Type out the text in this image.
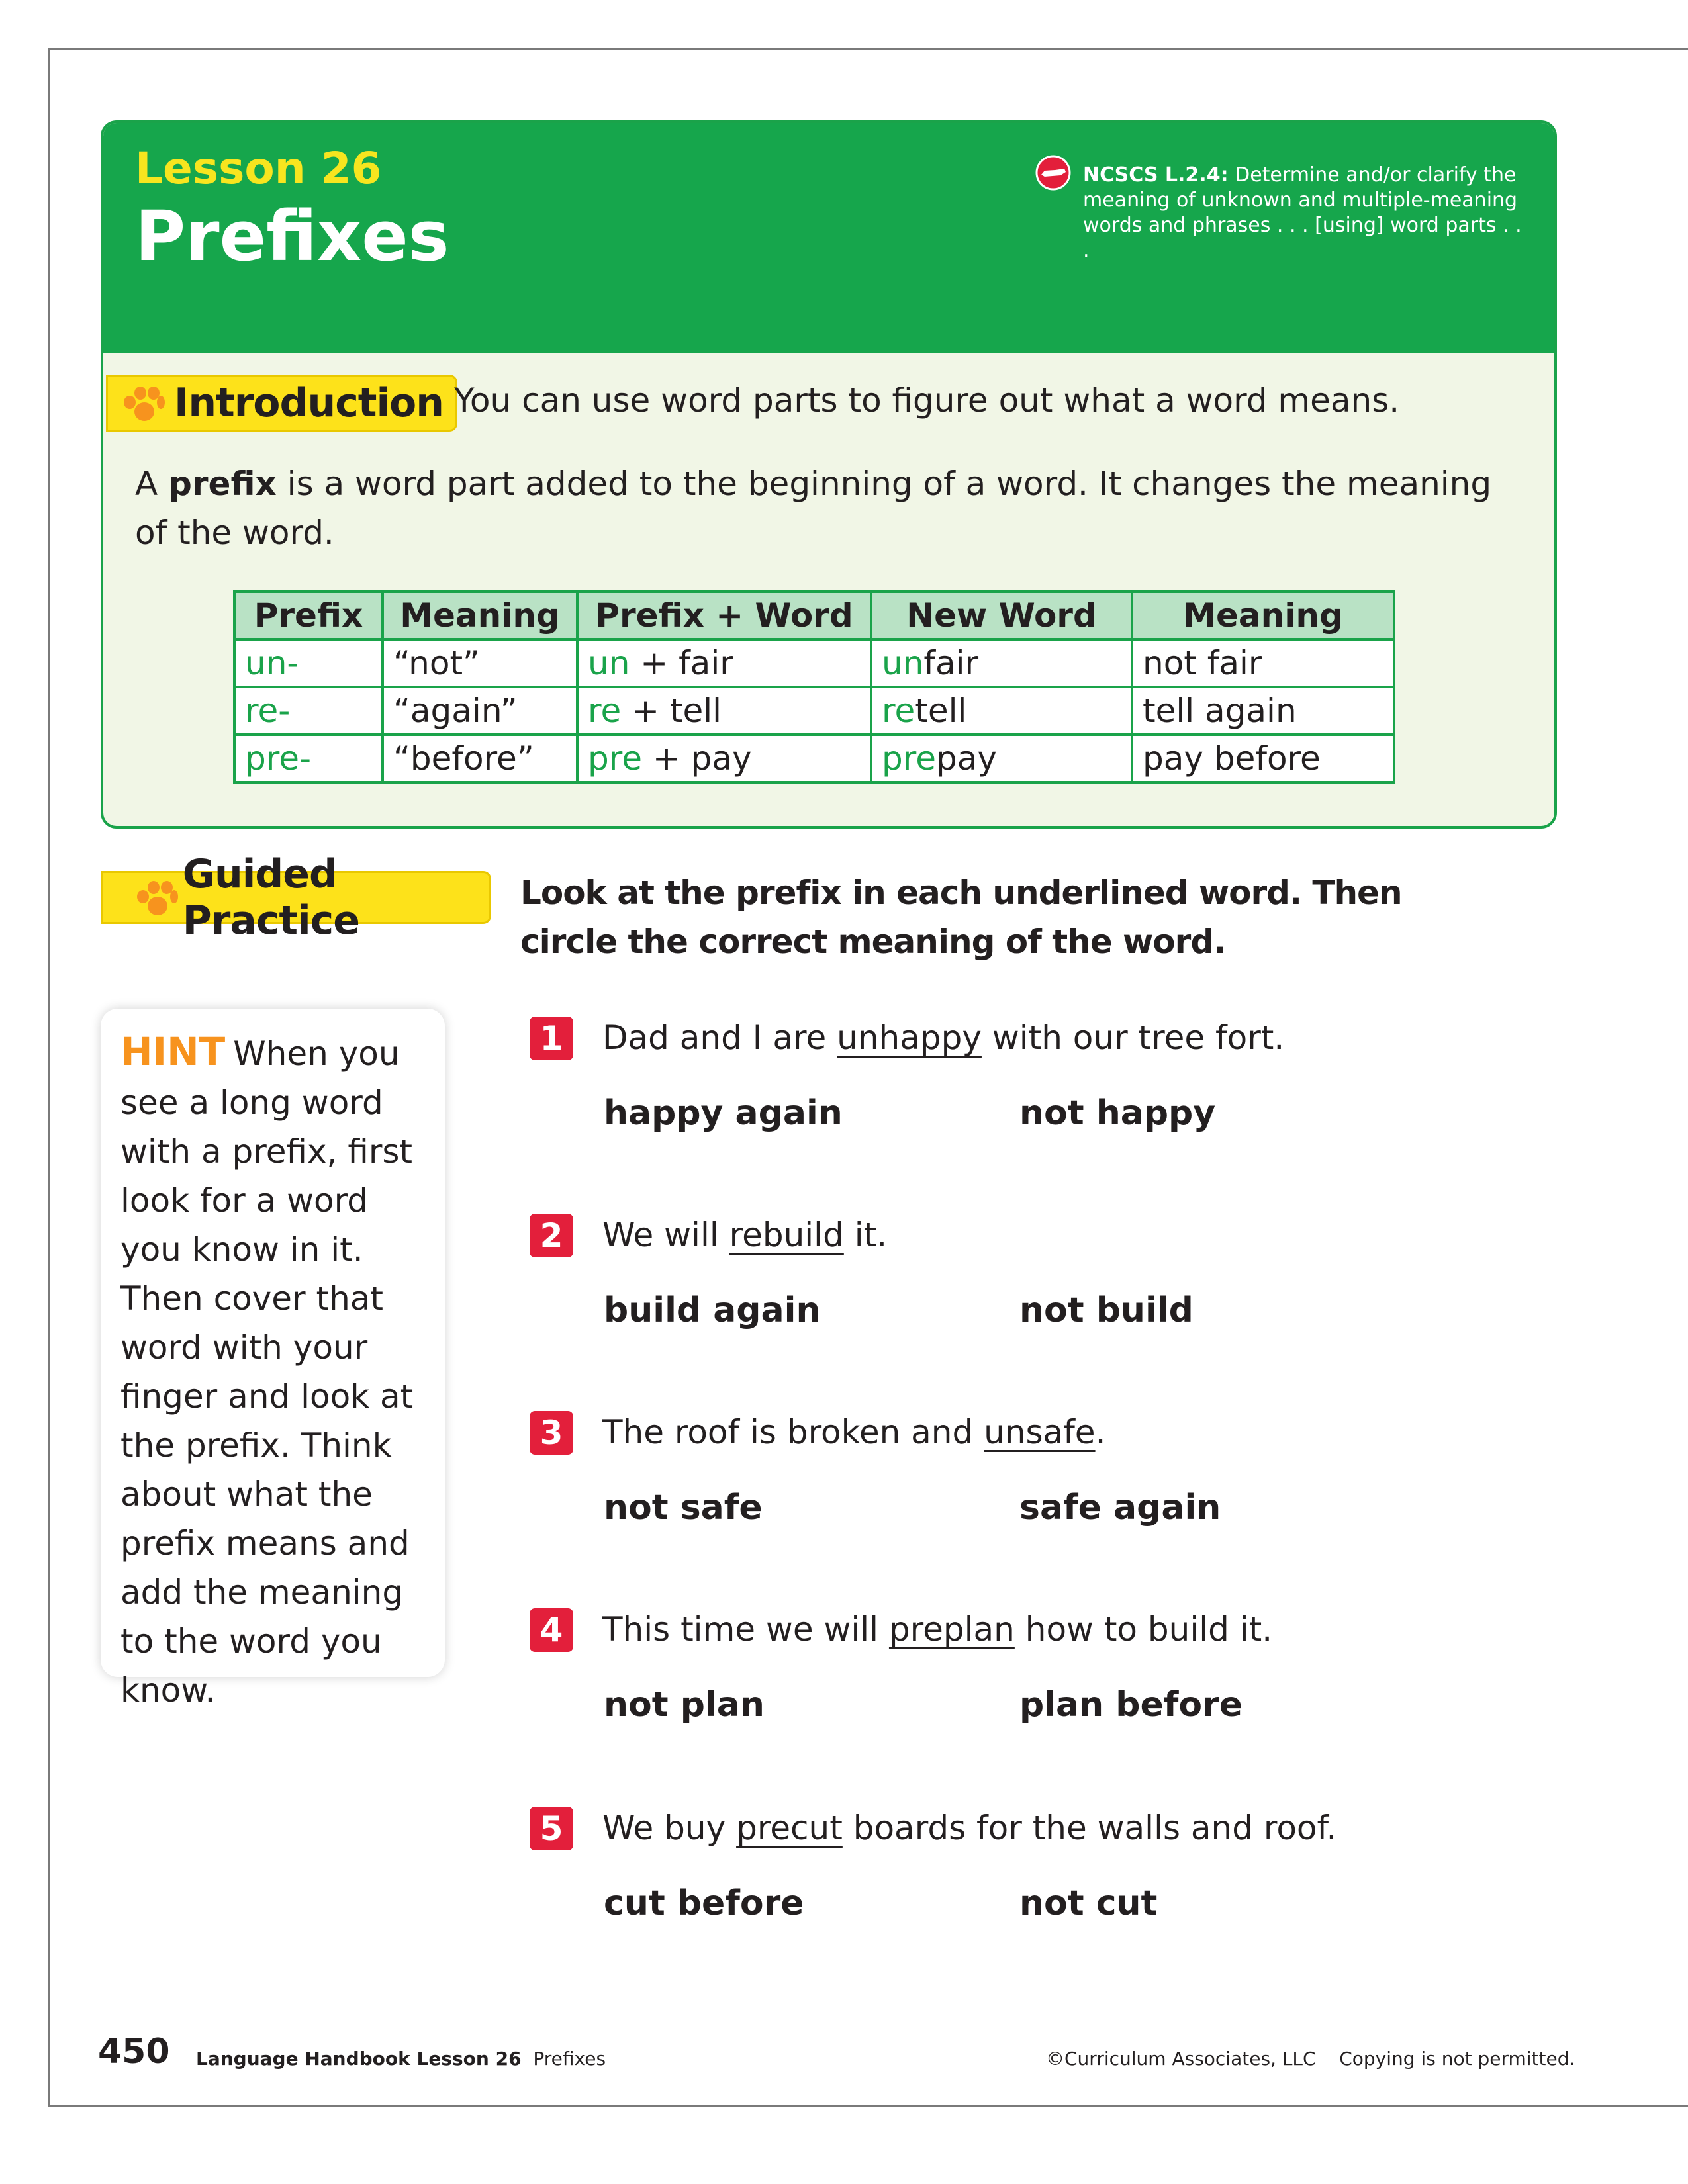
Lesson 26
Prefixes
NCSCS L.2.4: Determine and/or clarify the meaning of unknown and multiple-meaning words and phrases . . . [using] word parts . . .
Introduction You can use word parts to figure out what a word means.
A prefix is a word part added to the beginning of a word. It changes the meaning of the word.
Prefix	Meaning	Prefix + Word	New Word	Meaning
un-	“not”	un + fair	unfair	not fair
re-	“again”	re + tell	retell	tell again
pre-	“before”	pre + pay	prepay	pay before
Guided Practice
Look at the prefix in each underlined word. Then circle the correct meaning of the word.
HINT When you see a long word with a prefix, first look for a word you know in it. Then cover that word with your finger and look at the prefix. Think about what the prefix means and add the meaning to the word you know.
1	Dad and I are unhappy with our tree fort.
happy again	not happy
2	We will rebuild it.
build again	not build
3	The roof is broken and unsafe.
not safe	safe again
4	This time we will preplan how to build it.
not plan	plan before
5	We buy precut boards for the walls and roof.
cut before	not cut
450 Language Handbook Lesson 26 Prefixes	©Curriculum Associates, LLC Copying is not permitted.
